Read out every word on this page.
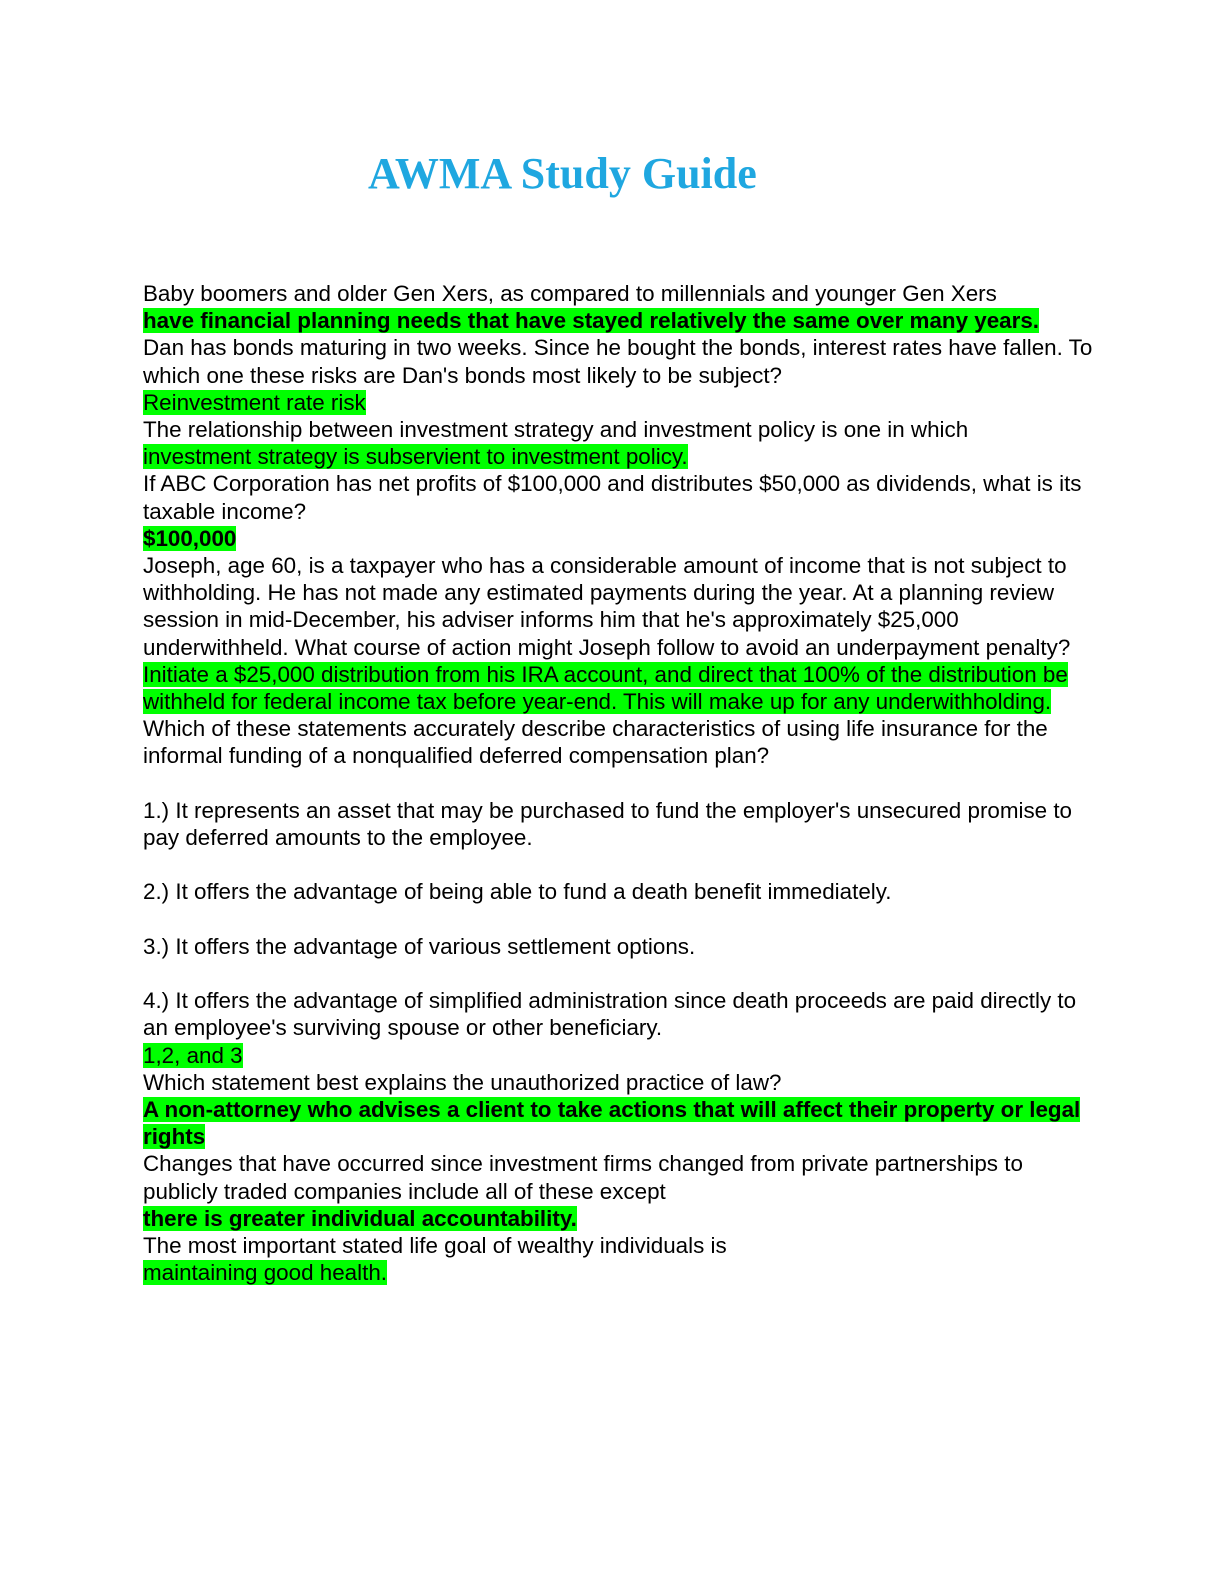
AWMA Study Guide

Baby boomers and older Gen Xers, as compared to millennials and younger Gen Xers

have financial planning needs that have stayed relatively the same over many years.

Dan has bonds maturing in two weeks. Since he bought the bonds, interest rates have fallen. To which one these risks are Dan's bonds most likely to be subject?

Reinvestment rate risk

The relationship between investment strategy and investment policy is one in which

investment strategy is subservient to investment policy.

If ABC Corporation has net profits of $100,000 and distributes $50,000 as dividends, what is its taxable income?

$100,000

Joseph, age 60, is a taxpayer who has a considerable amount of income that is not subject to withholding. He has not made any estimated payments during the year. At a planning review session in mid-December, his adviser informs him that he's approximately $25,000 underwithheld. What course of action might Joseph follow to avoid an underpayment penalty?

Initiate a $25,000 distribution from his IRA account, and direct that 100% of the distribution be withheld for federal income tax before year-end. This will make up for any underwithholding.

Which of these statements accurately describe characteristics of using life insurance for the informal funding of a nonqualified deferred compensation plan?

1.) It represents an asset that may be purchased to fund the employer's unsecured promise to pay deferred amounts to the employee.

2.) It offers the advantage of being able to fund a death benefit immediately.

3.) It offers the advantage of various settlement options.

4.) It offers the advantage of simplified administration since death proceeds are paid directly to an employee's surviving spouse or other beneficiary.

1,2, and 3

Which statement best explains the unauthorized practice of law?

A non-attorney who advises a client to take actions that will affect their property or legal rights

Changes that have occurred since investment firms changed from private partnerships to publicly traded companies include all of these except

there is greater individual accountability.

The most important stated life goal of wealthy individuals is

maintaining good health.
